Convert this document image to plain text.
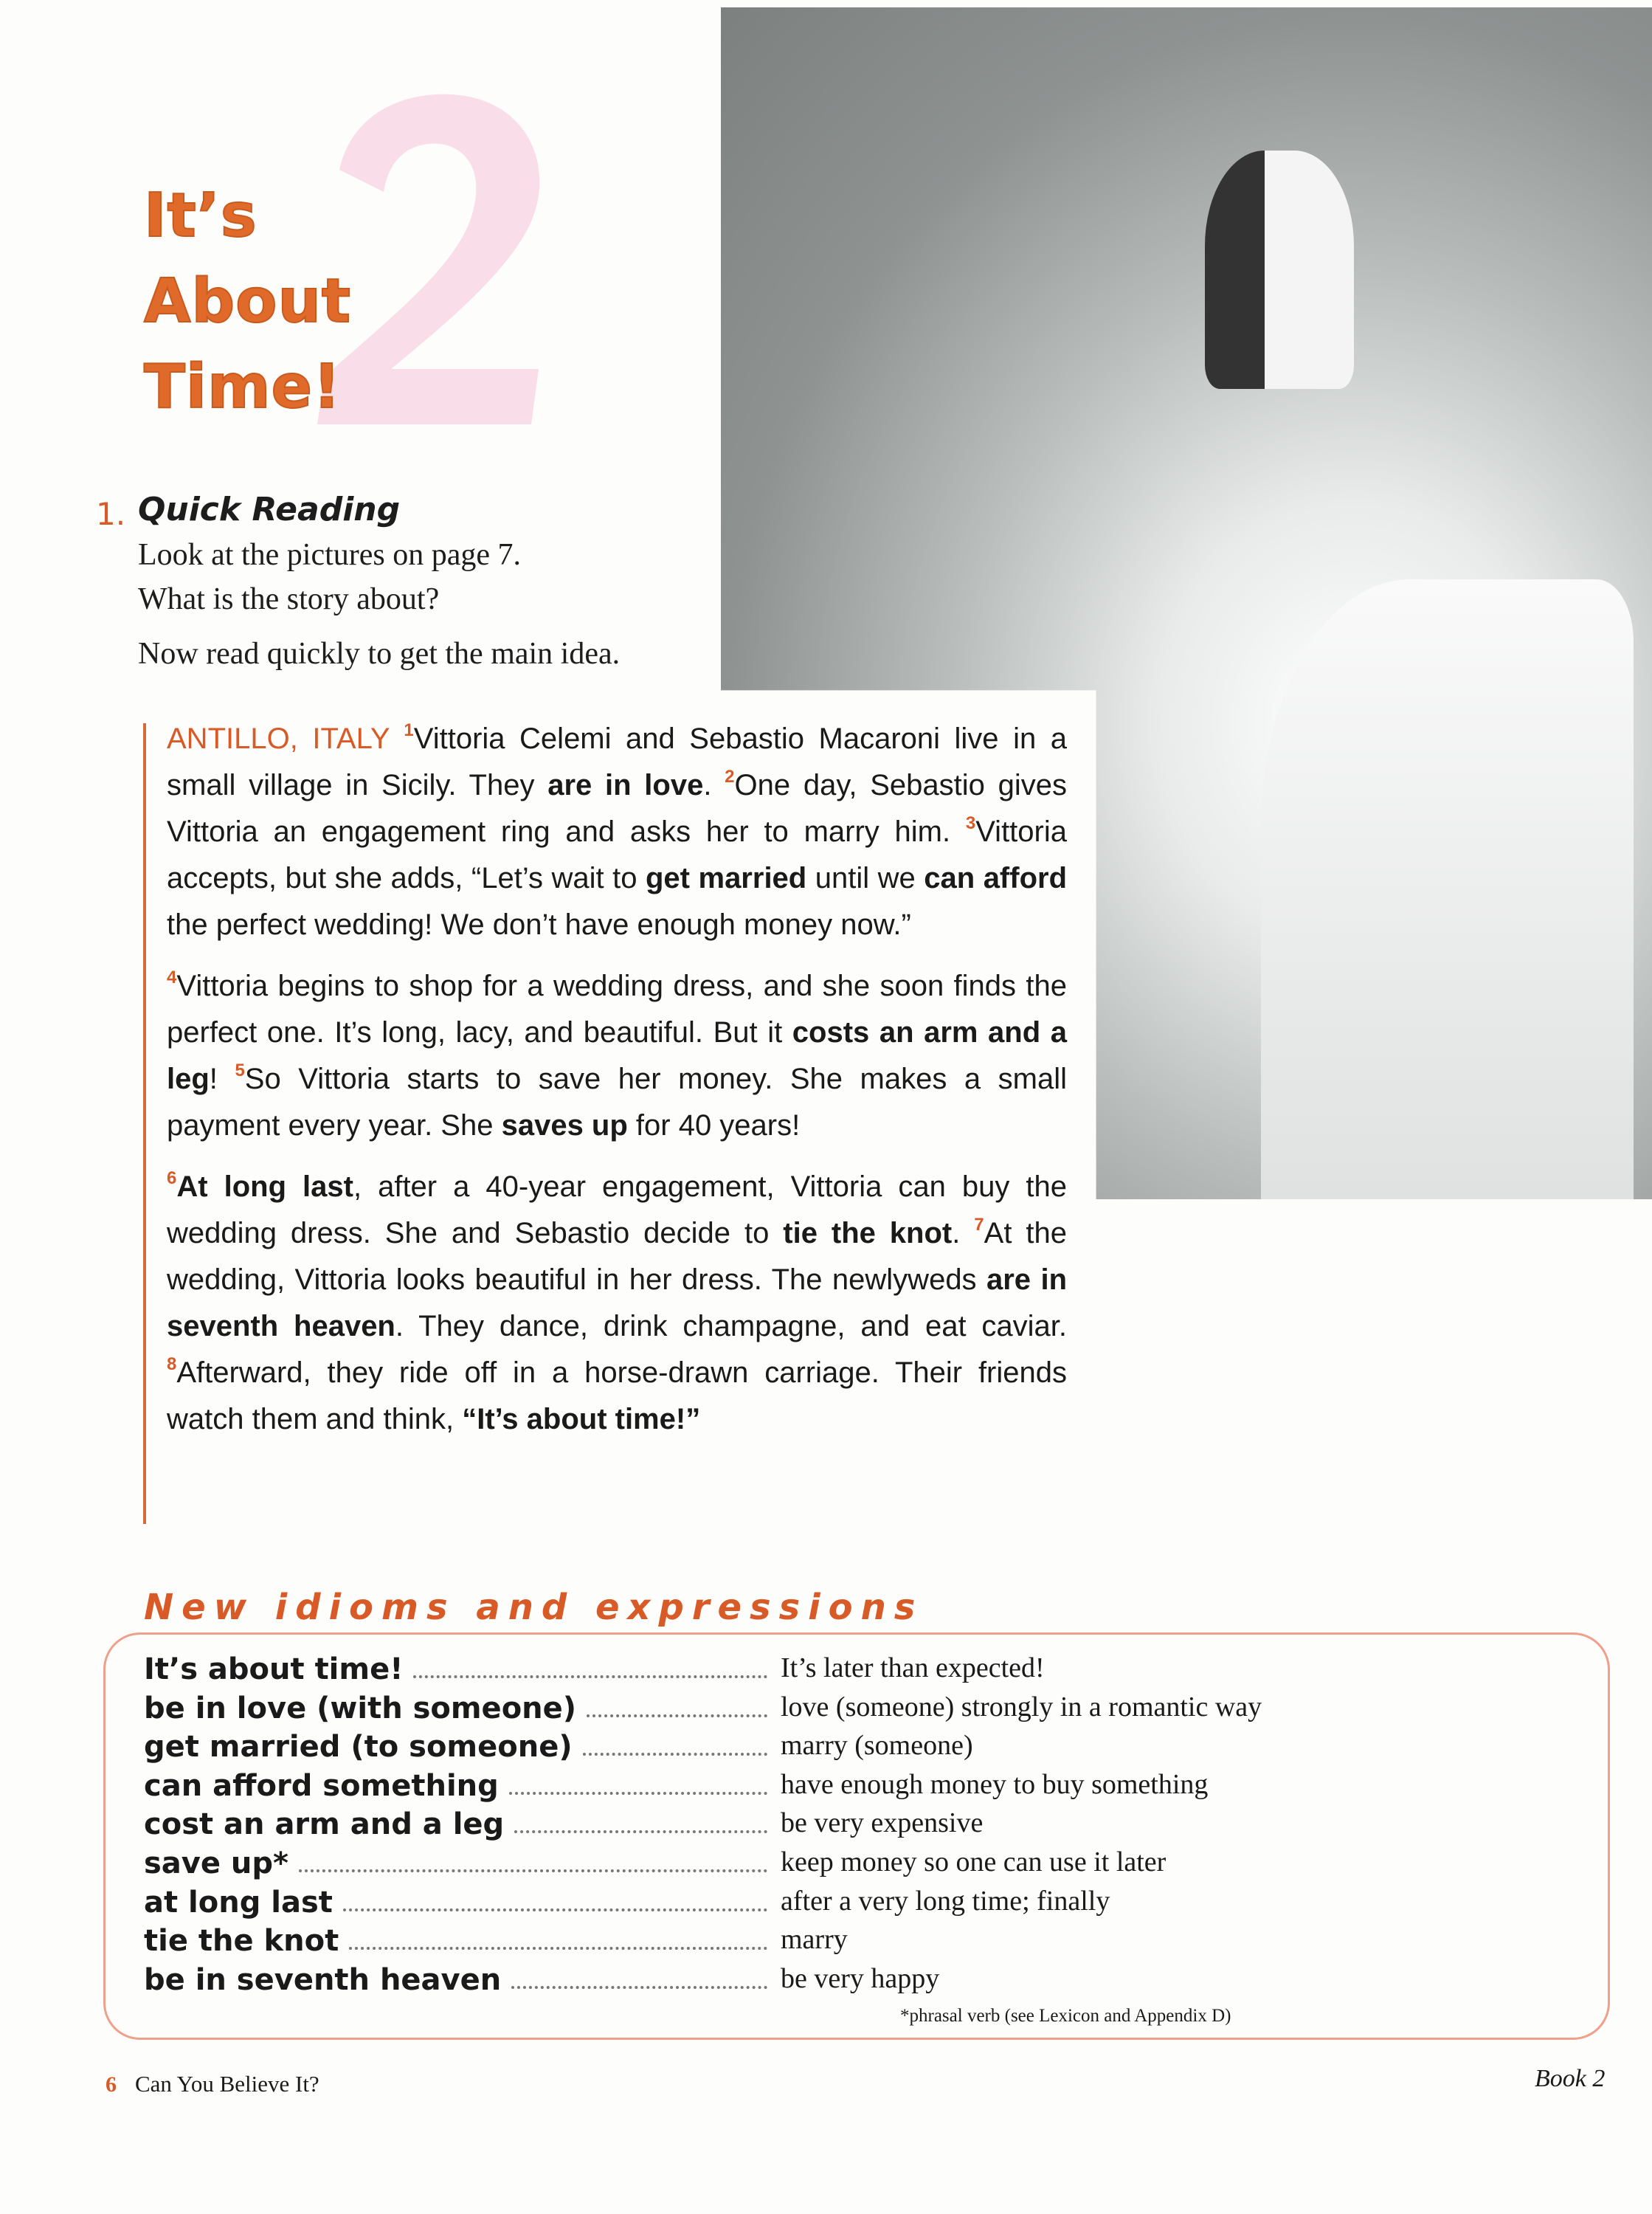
It’s
About
Time!
1. Quick Reading
Look at the pictures on page 7.
What is the story about?
Now read quickly to get the main idea.

ANTILLO, ITALY $^1$Vittoria Celemi and Sebastio Macaroni live in a small village in Sicily. They are in love. $^2$One day, Sebastio gives Vittoria an engagement ring and asks her to marry him. $^3$Vittoria accepts, but she adds, “Let’s wait to get married until we can afford the perfect wedding! We don’t have enough money now.”

$^4$Vittoria begins to shop for a wedding dress, and she soon finds the perfect one. It’s long, lacy, and beautiful. But it costs an arm and a leg! $^5$So Vittoria starts to save her money. She makes a small payment every year. She saves up for 40 years!

$^6$At long last, after a 40-year engagement, Vittoria can buy the wedding dress. She and Sebastio decide to tie the knot. $^7$At the wedding, Vittoria looks beautiful in her dress. The newlyweds are in seventh heaven. They dance, drink champagne, and eat caviar. $^8$Afterward, they ride off in a horse-drawn carriage. Their friends watch them and think, “It’s about time!”

New idioms and expressions
It’s about time!	It’s later than expected!
be in love (with someone)	love (someone) strongly in a romantic way
get married (to someone)	marry (someone)
can afford something	have enough money to buy something
cost an arm and a leg	be very expensive
save up*	keep money so one can use it later
at long last	after a very long time; finally
tie the knot	marry
be in seventh heaven	be very happy
*phrasal verb (see Lexicon and Appendix D)
6 Can You Believe It?	Book 2
